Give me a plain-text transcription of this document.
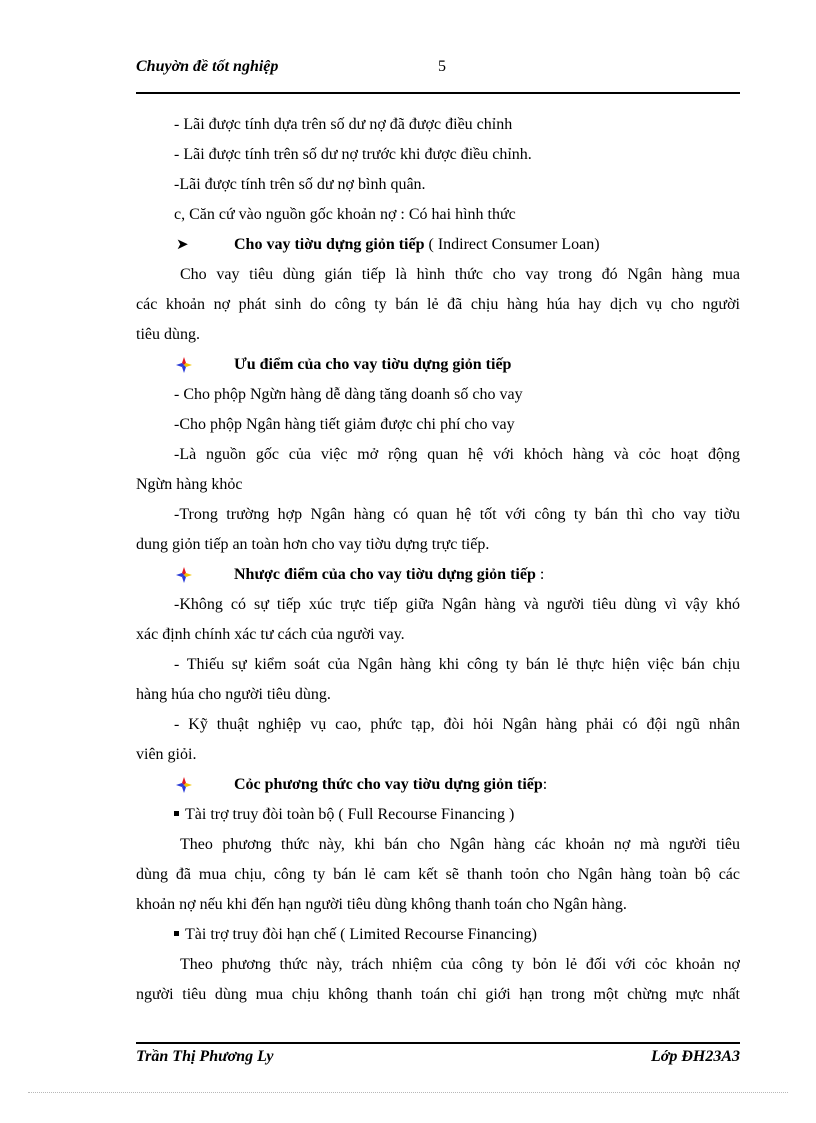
Chuyờn đề tốt nghiệp	5
- Lãi được tính dựa trên số dư nợ đã được điều chỉnh
- Lãi được tính trên số dư nợ trước khi được điều chỉnh.
-Lãi được tính trên số dư nợ bình quân.
c, Căn cứ vào nguồn gốc khoản nợ : Có hai hình thức
➤	Cho vay tiờu dựng giỏn tiếp ( Indirect Consumer Loan)
Cho vay tiêu dùng gián tiếp là hình thức cho vay trong đó Ngân hàng mua
các khoản nợ phát sinh do công ty bán lẻ đã chịu hàng húa hay dịch vụ cho người
tiêu dùng.
Ưu điểm của cho vay tiờu dựng giỏn tiếp
- Cho phộp Ngừn hàng dễ dàng tăng doanh số cho vay
-Cho phộp Ngân hàng tiết giảm được chi phí cho vay
-Là nguồn gốc của việc mở rộng quan hệ với khỏch hàng và cỏc hoạt động
Ngừn hàng khỏc
-Trong trường hợp Ngân hàng có quan hệ tốt với công ty bán thì cho vay tiờu
dung giỏn tiếp an toàn hơn cho vay tiờu dựng trực tiếp.
Nhược điểm của cho vay tiờu dựng giỏn tiếp :
-Không có sự tiếp xúc trực tiếp giữa Ngân hàng và người tiêu dùng vì vậy khó
xác định chính xác tư cách của người vay.
- Thiếu sự kiểm soát của Ngân hàng khi công ty bán lẻ thực hiện việc bán chịu
hàng húa cho người tiêu dùng.
- Kỹ thuật nghiệp vụ cao, phức tạp, đòi hỏi Ngân hàng phải có đội ngũ nhân
viên giỏi.
Cỏc phương thức cho vay tiờu dựng giỏn tiếp:
Tài trợ truy đòi toàn bộ ( Full Recourse Financing )
Theo phương thức này, khi bán cho Ngân hàng các khoản nợ mà người tiêu
dùng đã mua chịu, công ty bán lẻ cam kết sẽ thanh toỏn cho Ngân hàng toàn bộ các
khoản nợ nếu khi đến hạn người tiêu dùng không thanh toán cho Ngân hàng.
Tài trợ truy đòi hạn chế ( Limited Recourse Financing)
Theo phương thức này, trách nhiệm của công ty bỏn lẻ đối với cỏc khoản nợ
người tiêu dùng mua chịu không thanh toán chỉ giới hạn trong một chừng mực nhất
Trần Thị Phương Ly	Lớp ĐH23A3
